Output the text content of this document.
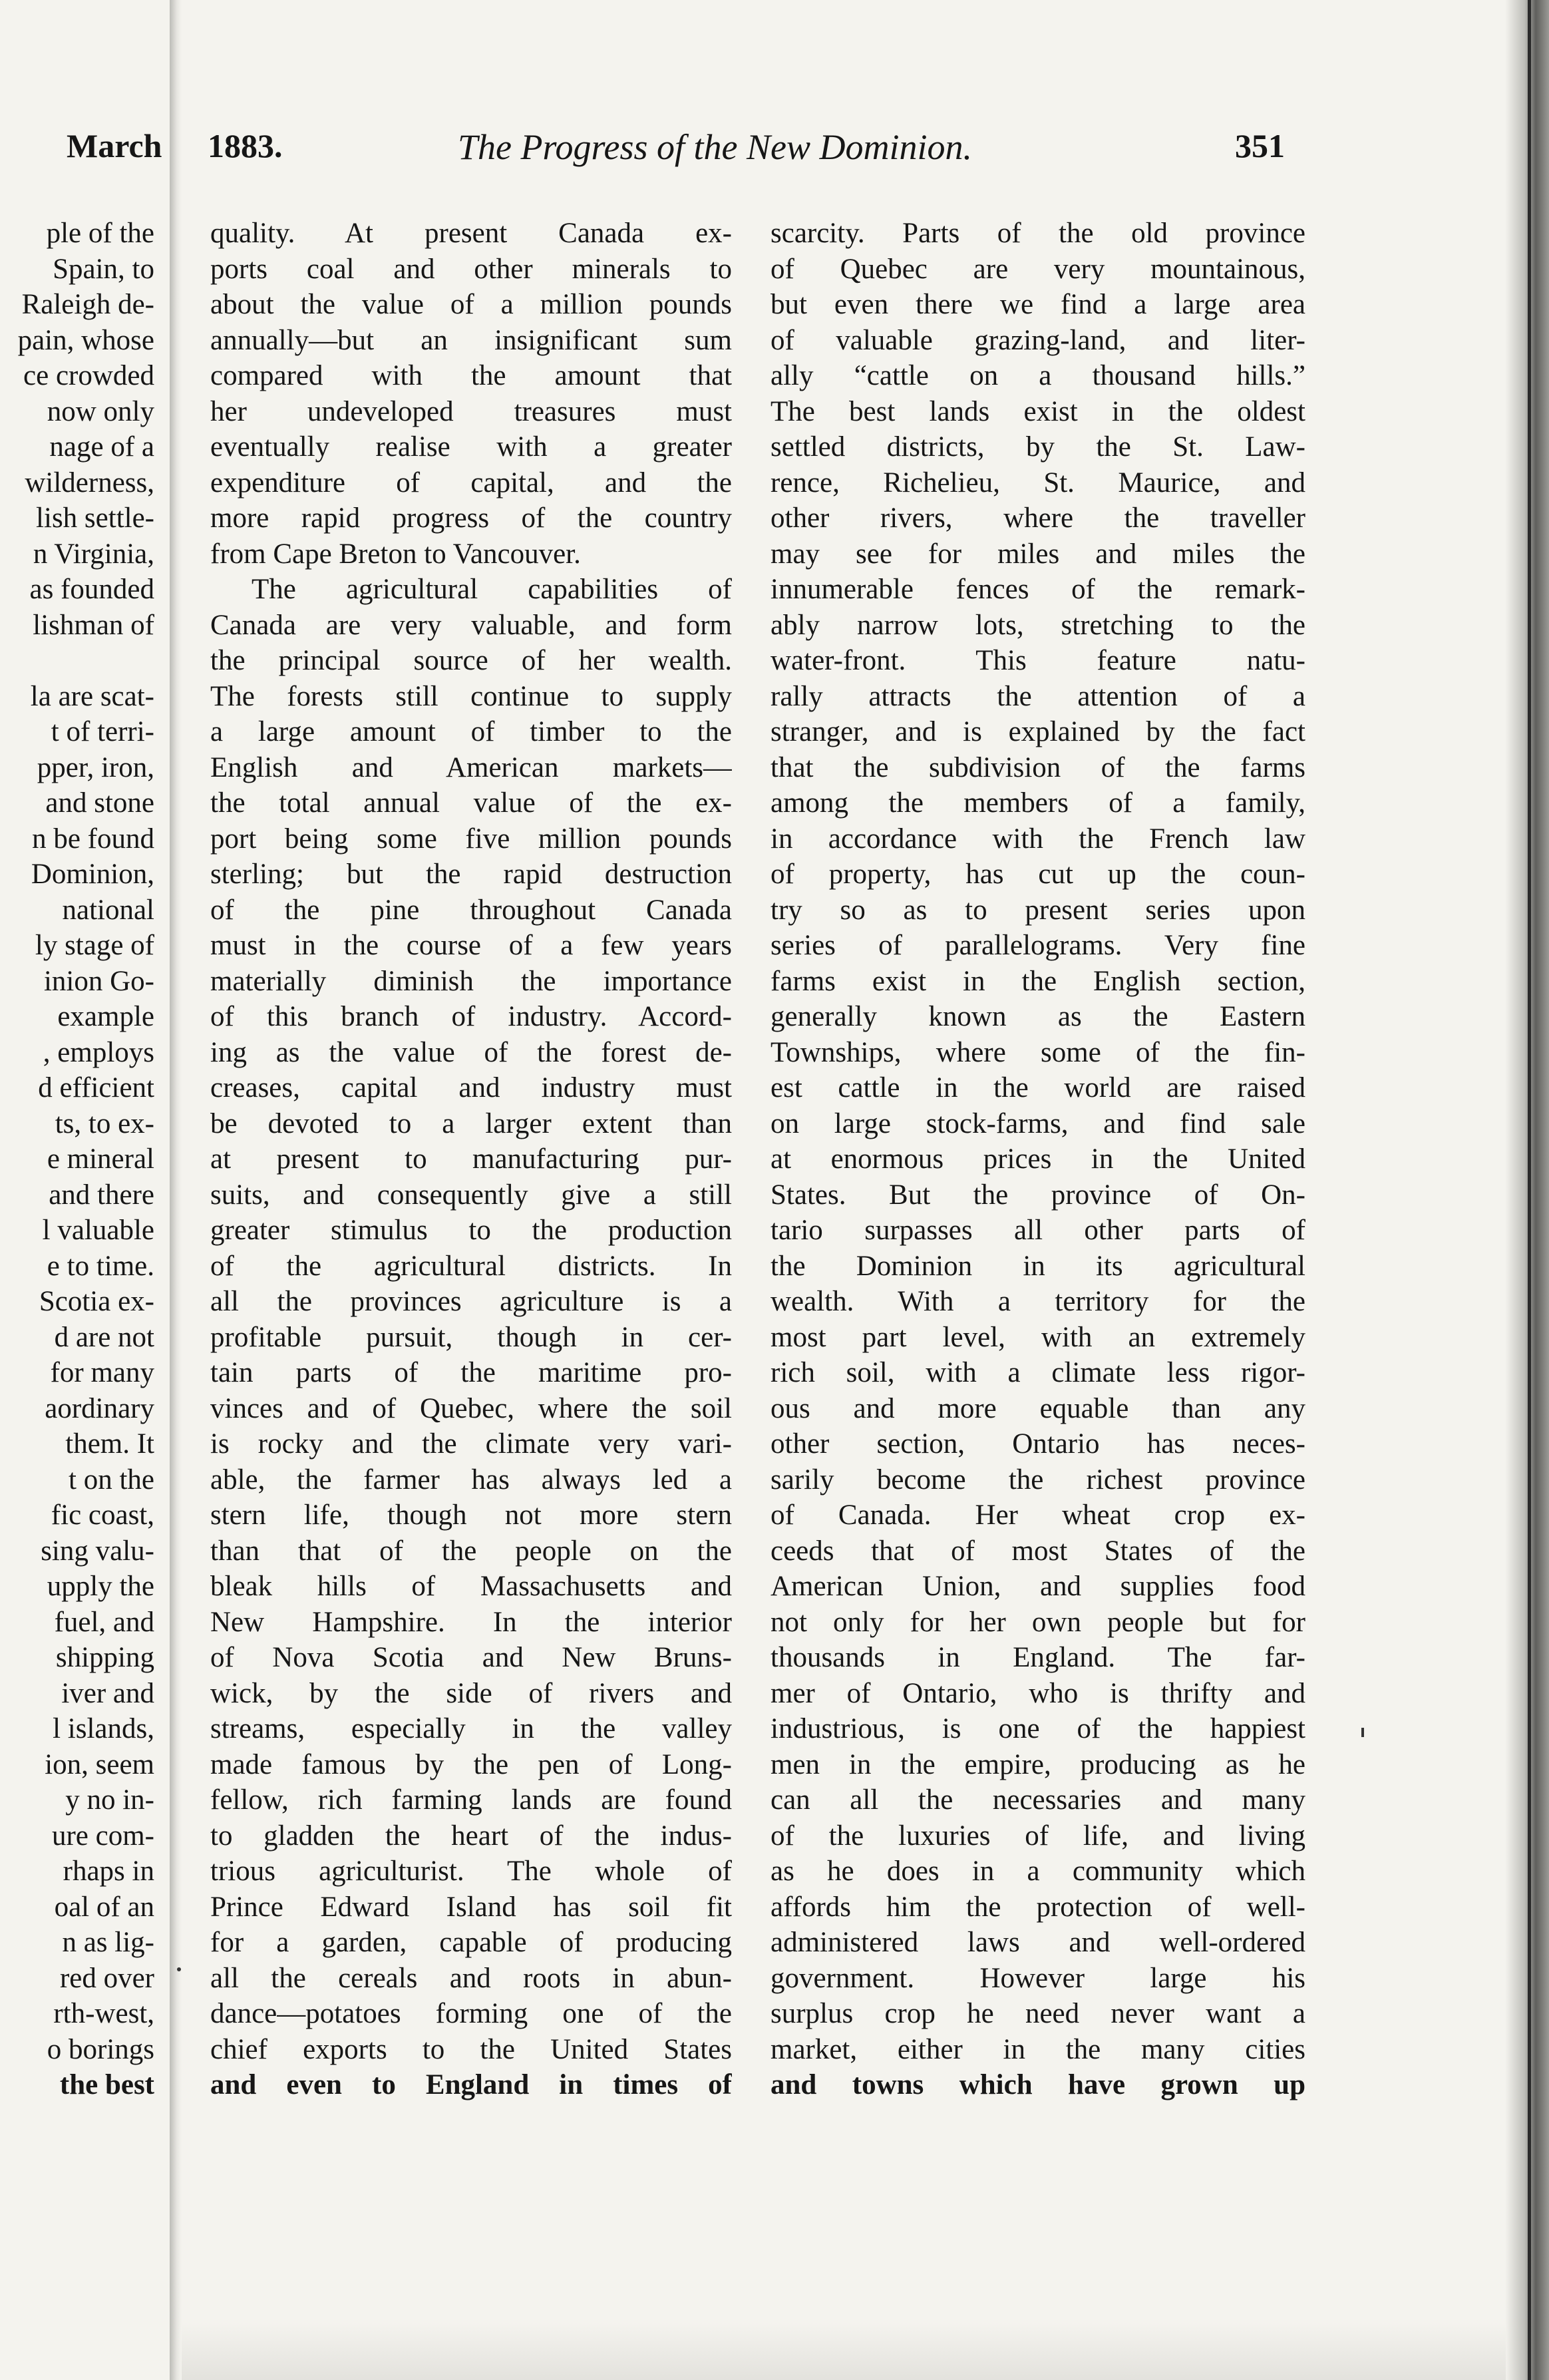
March 1883.	The Progress of the New Dominion.	351
ple of the
Spain, to
Raleigh de-
pain, whose
ce crowded
now only
nage of a
wilderness,
lish settle-
n Virginia,
as founded
lishman of
la are scat-
t of terri-
pper, iron,
and stone
n be found
Dominion,
national
ly stage of
inion Go-
example
, employs
d efficient
ts, to ex-
e mineral
and there
l valuable
e to time.
Scotia ex-
d are not
for many
aordinary
them. It
t on the
fic coast,
sing valu-
upply the
fuel, and
shipping
iver and
l islands,
ion, seem
y no in-
ure com-
rhaps in
oal of an
n as lig-
red over
rth-west,
o borings
the best
quality. At present Canada ex-
ports coal and other minerals to
about the value of a million pounds
annually—but an insignificant sum
compared with the amount that
her undeveloped treasures must
eventually realise with a greater
expenditure of capital, and the
more rapid progress of the country
from Cape Breton to Vancouver.
The agricultural capabilities of
Canada are very valuable, and form
the principal source of her wealth.
The forests still continue to supply
a large amount of timber to the
English and American markets—
the total annual value of the ex-
port being some five million pounds
sterling; but the rapid destruction
of the pine throughout Canada
must in the course of a few years
materially diminish the importance
of this branch of industry. Accord-
ing as the value of the forest de-
creases, capital and industry must
be devoted to a larger extent than
at present to manufacturing pur-
suits, and consequently give a still
greater stimulus to the production
of the agricultural districts. In
all the provinces agriculture is a
profitable pursuit, though in cer-
tain parts of the maritime pro-
vinces and of Quebec, where the soil
is rocky and the climate very vari-
able, the farmer has always led a
stern life, though not more stern
than that of the people on the
bleak hills of Massachusetts and
New Hampshire. In the interior
of Nova Scotia and New Bruns-
wick, by the side of rivers and
streams, especially in the valley
made famous by the pen of Long-
fellow, rich farming lands are found
to gladden the heart of the indus-
trious agriculturist. The whole of
Prince Edward Island has soil fit
for a garden, capable of producing
all the cereals and roots in abun-
dance—potatoes forming one of the
chief exports to the United States
and even to England in times of
scarcity. Parts of the old province
of Quebec are very mountainous,
but even there we find a large area
of valuable grazing-land, and liter-
ally “cattle on a thousand hills.”
The best lands exist in the oldest
settled districts, by the St. Law-
rence, Richelieu, St. Maurice, and
other rivers, where the traveller
may see for miles and miles the
innumerable fences of the remark-
ably narrow lots, stretching to the
water-front. This feature natu-
rally attracts the attention of a
stranger, and is explained by the fact
that the subdivision of the farms
among the members of a family,
in accordance with the French law
of property, has cut up the coun-
try so as to present series upon
series of parallelograms. Very fine
farms exist in the English section,
generally known as the Eastern
Townships, where some of the fin-
est cattle in the world are raised
on large stock-farms, and find sale
at enormous prices in the United
States. But the province of On-
tario surpasses all other parts of
the Dominion in its agricultural
wealth. With a territory for the
most part level, with an extremely
rich soil, with a climate less rigor-
ous and more equable than any
other section, Ontario has neces-
sarily become the richest province
of Canada. Her wheat crop ex-
ceeds that of most States of the
American Union, and supplies food
not only for her own people but for
thousands in England. The far-
mer of Ontario, who is thrifty and
industrious, is one of the happiest
men in the empire, producing as he
can all the necessaries and many
of the luxuries of life, and living
as he does in a community which
affords him the protection of well-
administered laws and well-ordered
government. However large his
surplus crop he need never want a
market, either in the many cities
and towns which have grown up
